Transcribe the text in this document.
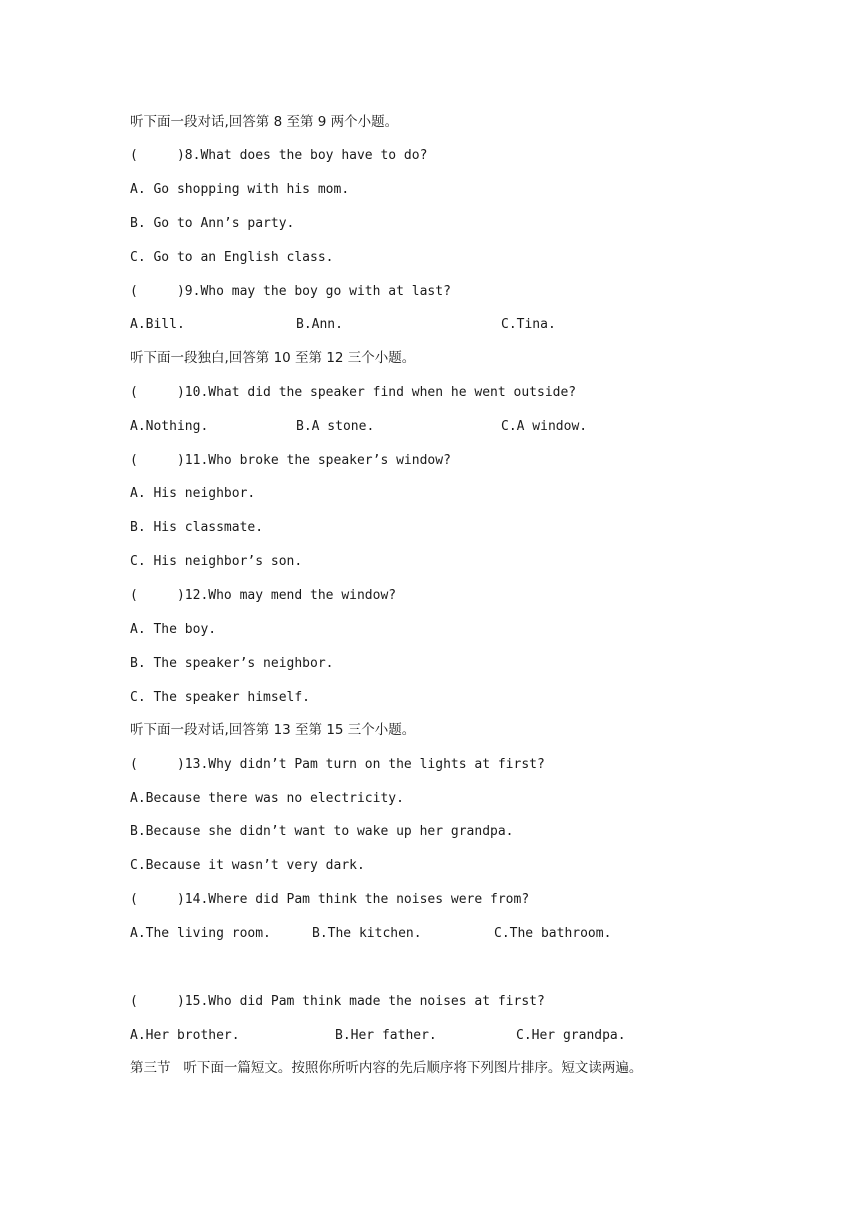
听下面一段对话,回答第 8 至第 9 两个小题。
(     )8.What does the boy have to do?
A. Go shopping with his mom.
B. Go to Ann’s party.
C. Go to an English class.
(     )9.Who may the boy go with at last?
A.Bill.	B.Ann.	C.Tina.
听下面一段独白,回答第 10 至第 12 三个小题。
(     )10.What did the speaker find when he went outside?
A.Nothing.	B.A stone.	C.A window.
(     )11.Who broke the speaker’s window?
A. His neighbor.
B. His classmate.
C. His neighbor’s son.
(     )12.Who may mend the window?
A. The boy.
B. The speaker’s neighbor.
C. The speaker himself.
听下面一段对话,回答第 13 至第 15 三个小题。
(     )13.Why didn’t Pam turn on the lights at first?
A.Because there was no electricity.
B.Because she didn’t want to wake up her grandpa.
C.Because it wasn’t very dark.
(     )14.Where did Pam think the noises were from?
A.The living room.	B.The kitchen.	C.The bathroom.
(     )15.Who did Pam think made the noises at first?
A.Her brother.	B.Her father.	C.Her grandpa.
第三节   听下面一篇短文。按照你所听内容的先后顺序将下列图片排序。短文读两遍。
